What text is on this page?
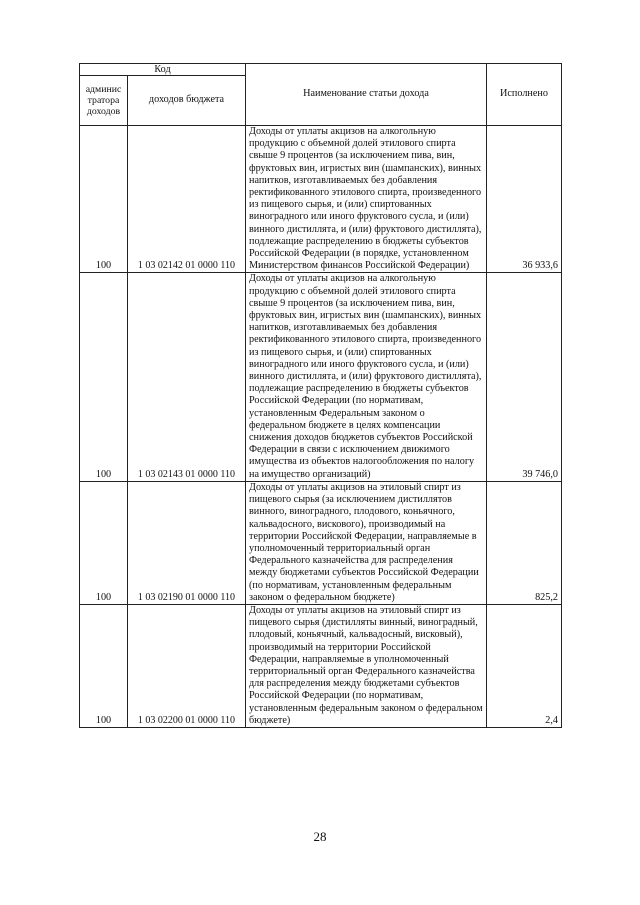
Код		Наименование статьи дохода	Исполнено
админис тратора доходов	доходов бюджета		
100	1 03 02142 01 0000 110	Доходы от уплаты акцизов на алкогольную продукцию с объемной долей этилового спирта свыше 9 процентов (за исключением пива, вин, фруктовых вин, игристых вин (шампанских), винных напитков, изготавливаемых без добавления ректификованного этилового спирта, произведенного из пищевого сырья, и (или) спиртованных виноградного или иного фруктового сусла, и (или) винного дистиллята, и (или) фруктового дистиллята), подлежащие распределению в бюджеты субъектов Российской Федерации (в порядке, установленном Министерством финансов Российской Федерации)	36 933,6
100	1 03 02143 01 0000 110	Доходы от уплаты акцизов на алкогольную продукцию с объемной долей этилового спирта свыше 9 процентов (за исключением пива, вин, фруктовых вин, игристых вин (шампанских), винных напитков, изготавливаемых без добавления ректификованного этилового спирта, произведенного из пищевого сырья, и (или) спиртованных виноградного или иного фруктового сусла, и (или) винного дистиллята, и (или) фруктового дистиллята), подлежащие распределению в бюджеты субъектов Российской Федерации (по нормативам, установленным Федеральным законом о федеральном бюджете в целях компенсации снижения доходов бюджетов субъектов Российской Федерации в связи с исключением движимого имущества из объектов налогообложения по налогу на имущество организаций)	39 746,0
100	1 03 02190 01 0000 110	Доходы от уплаты акцизов на этиловый спирт из пищевого сырья (за исключением дистиллятов винного, виноградного, плодового, коньячного, кальвадосного, вискового), производимый на территории Российской Федерации, направляемые в уполномоченный территориальный орган Федерального казначейства для распределения между бюджетами субъектов Российской Федерации (по нормативам, установленным федеральным законом о федеральном бюджете)	825,2
100	1 03 02200 01 0000 110	Доходы от уплаты акцизов на этиловый спирт из пищевого сырья (дистилляты винный, виноградный, плодовый, коньячный, кальвадосный, висковый), производимый на территории Российской Федерации, направляемые в уполномоченный территориальный орган Федерального казначейства для распределения между бюджетами субъектов Российской Федерации (по нормативам, установленным федеральным законом о федеральном бюджете)	2,4
28
